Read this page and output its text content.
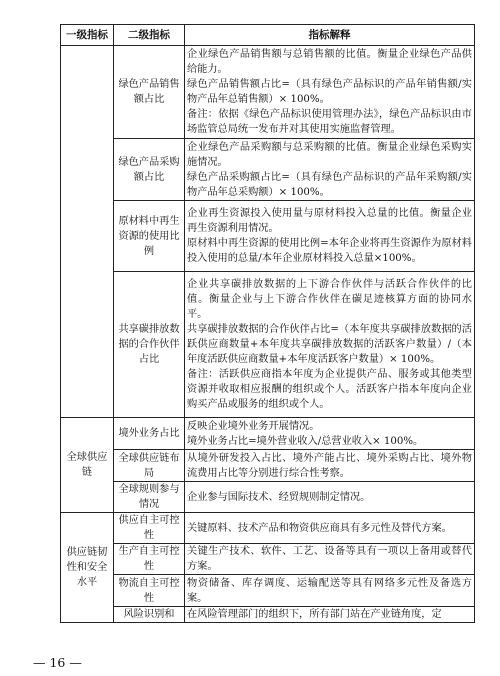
一级指标	二级指标	指标解释
	绿色产品销售额占比	企业绿色产品销售额与总销售额的比值。衡量企业绿色产品供给能力。
绿色产品销售额占比=（具有绿色产品标识的产品年销售额/实物产品年总销售额）× 100%。
备注：依据《绿色产品标识使用管理办法》，绿色产品标识由市场监管总局统一发布并对其使用实施监督管理。

	绿色产品采购额占比	企业绿色产品采购额与总采购额的比值。衡量企业绿色采购实施情况。
绿色产品采购额占比=（具有绿色产品标识的产品年采购额/实物产品年总采购额）× 100%。

	原材料中再生资源的使用比例	企业再生资源投入使用量与原材料投入总量的比值。衡量企业再生资源利用情况。
原材料中再生资源的使用比例=本年企业将再生资源作为原材料投入使用的总量/本年企业原材料投入总量×100%。

	共享碳排放数据的合作伙伴占比	企业共享碳排放数据的上下游合作伙伴与活跃合作伙伴的比值。衡量企业与上下游合作伙伴在碳足迹核算方面的协同水平。
共享碳排放数据的合作伙伴占比=（本年度共享碳排放数据的活跃供应商数量+本年度共享碳排放数据的活跃客户数量）/（本年度活跃供应商数量+本年度活跃客户数量）× 100%。
备注：活跃供应商指本年度为企业提供产品、服务或其他类型资源并收取相应报酬的组织或个人。活跃客户指本年度向企业购买产品或服务的组织或个人。

全球供应链	境外业务占比	反映企业境外业务开展情况。
境外业务占比=境外营业收入/总营业收入× 100%。

	全球供应链布局	从境外研发投入占比、境外产能占比、境外采购占比、境外物流费用占比等分别进行综合性考察。

	全球规则参与情况	企业参与国际技术、经贸规则制定情况。

供应链韧性和安全水平	供应自主可控性	关键原料、技术产品和物资供应商具有多元性及替代方案。

	生产自主可控性	关键生产技术、软件、工艺、设备等具有一项以上备用或替代方案。

	物流自主可控性	物资储备、库存调度、运输配送等具有网络多元性及备选方案。

	风险识别和	在风险管理部门的组织下，所有部门站在产业链角度，定
— 16 —
